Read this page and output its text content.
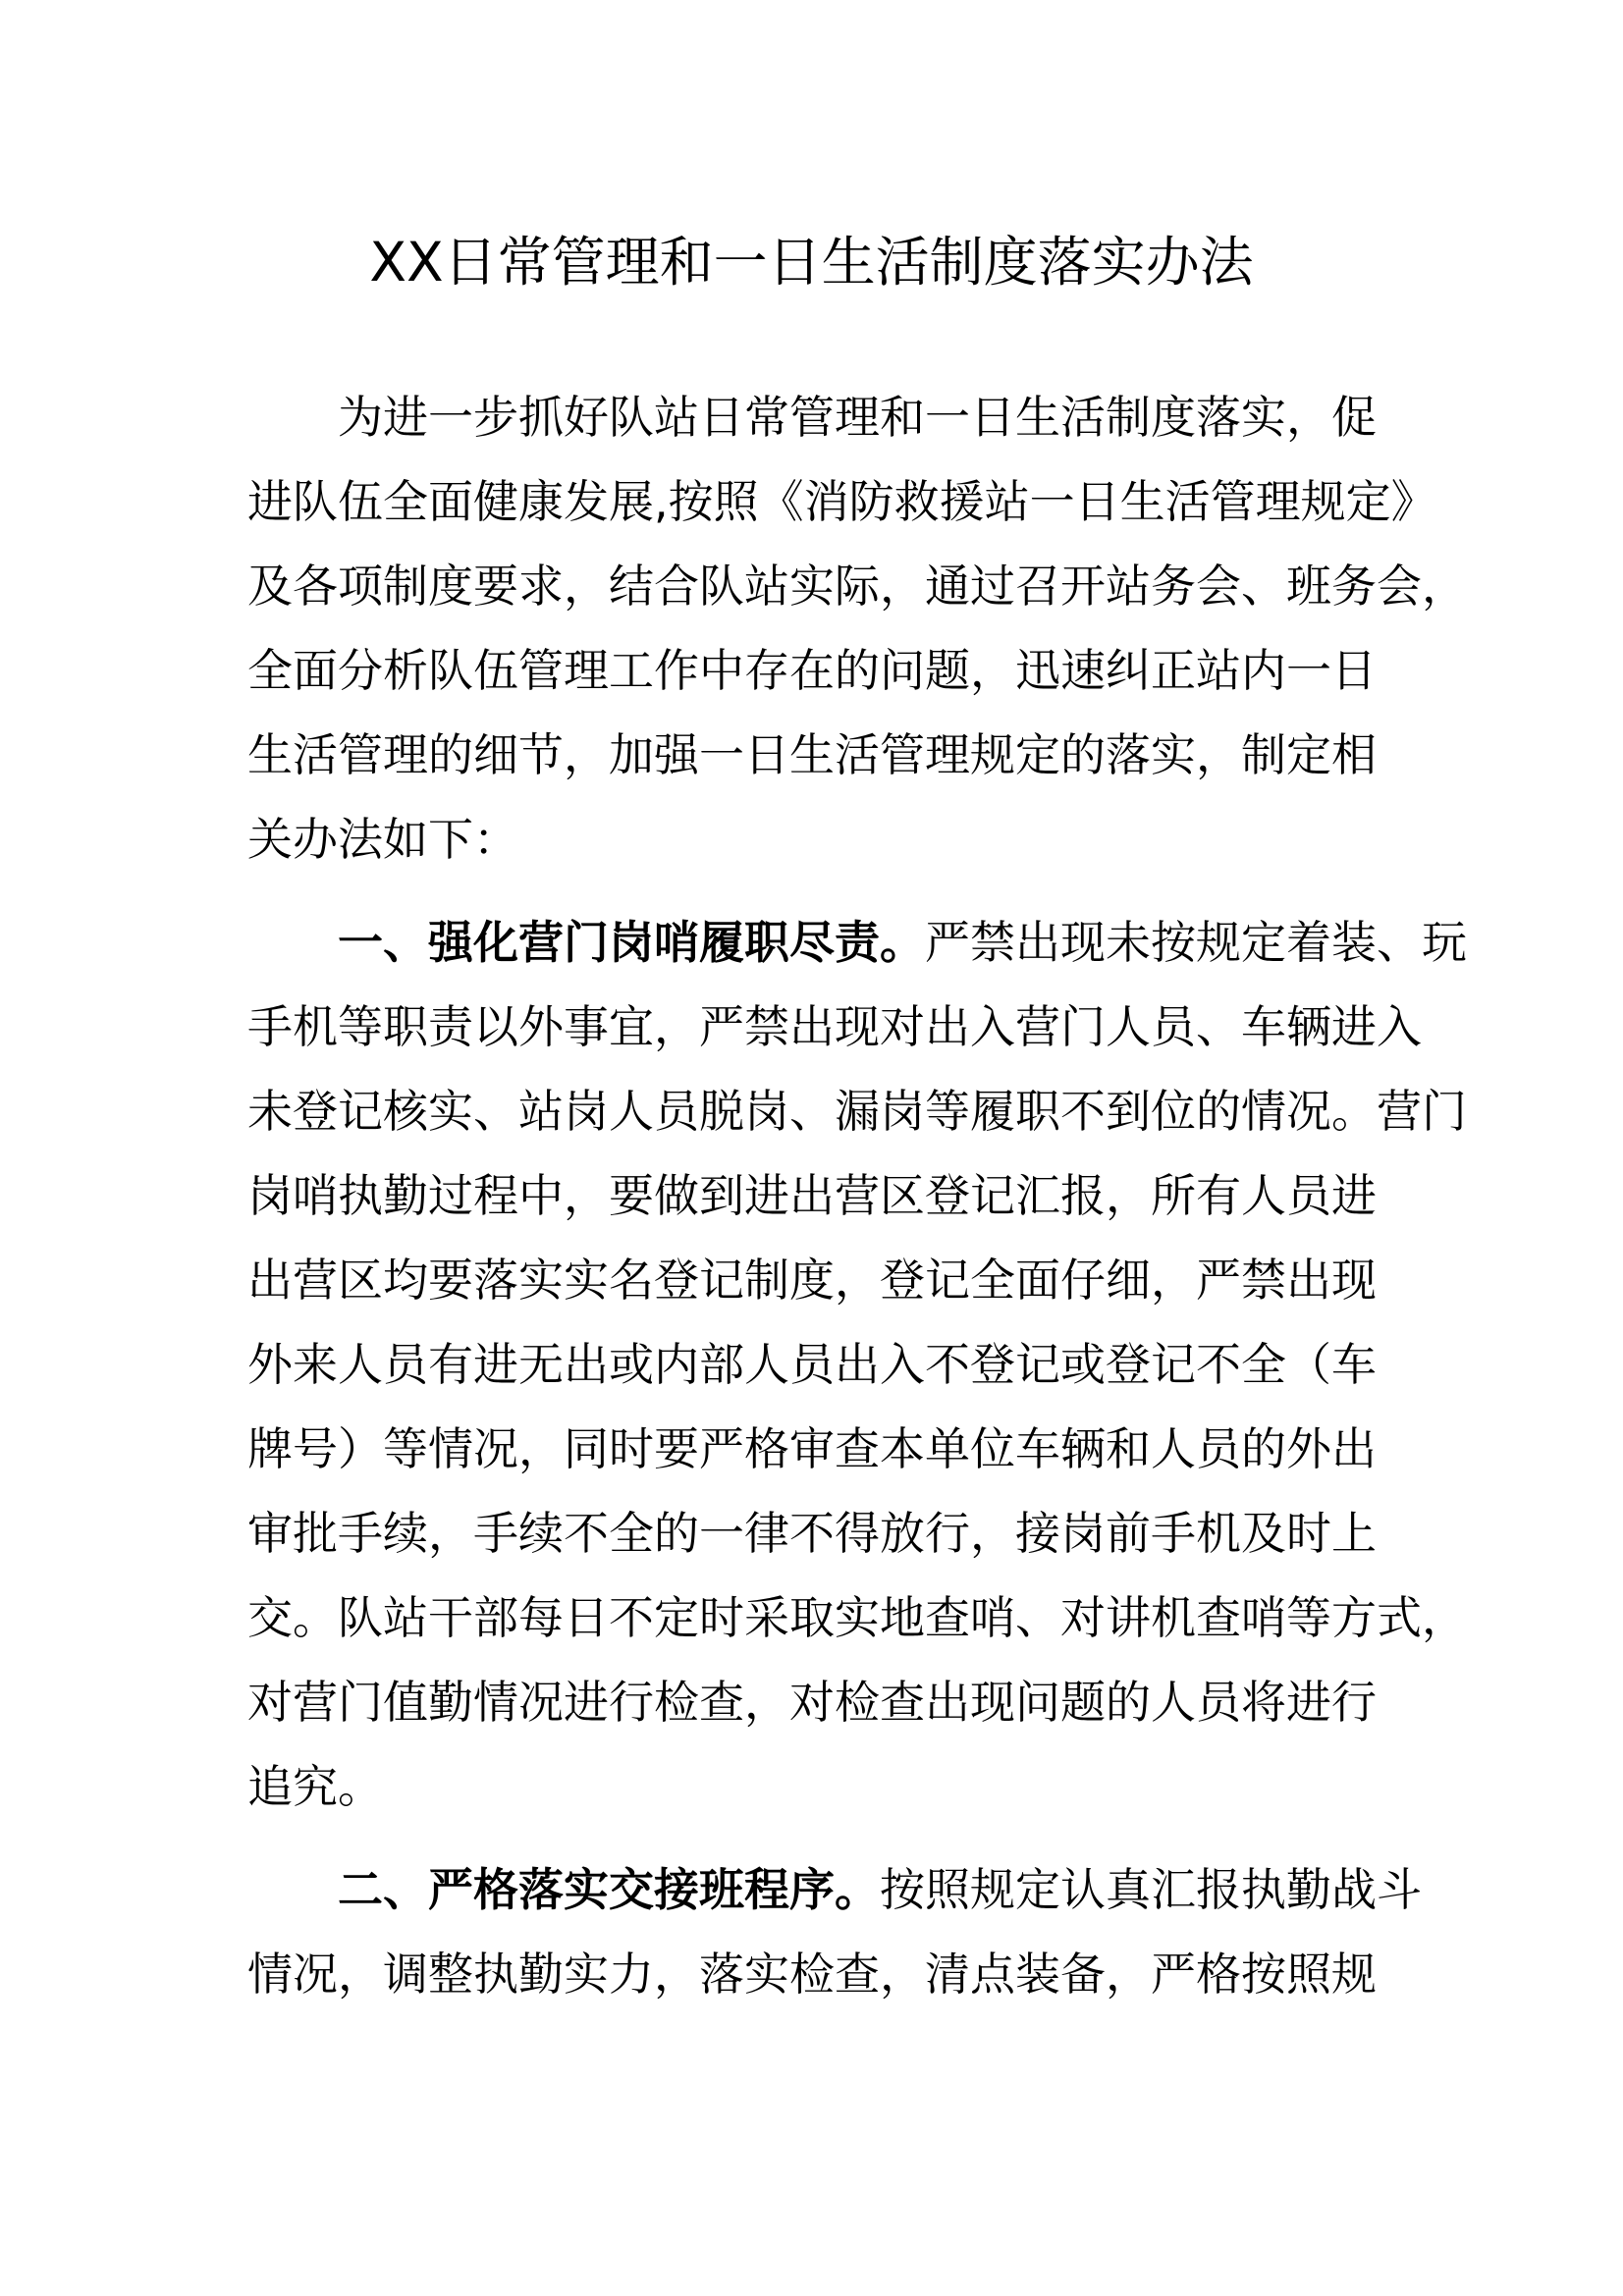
XX日常管理和一日生活制度落实办法
为进一步抓好队站日常管理和一日生活制度落实，促
进队伍全面健康发展,按照《消防救援站一日生活管理规定》
及各项制度要求，结合队站实际，通过召开站务会、班务会，
全面分析队伍管理工作中存在的问题，迅速纠正站内一日
生活管理的细节，加强一日生活管理规定的落实，制定相
关办法如下：
一、强化营门岗哨履职尽责。严禁出现未按规定着装、玩
手机等职责以外事宜，严禁出现对出入营门人员、车辆进入
未登记核实、站岗人员脱岗、漏岗等履职不到位的情况。营门
岗哨执勤过程中，要做到进出营区登记汇报，所有人员进
出营区均要落实实名登记制度，登记全面仔细，严禁出现
外来人员有进无出或内部人员出入不登记或登记不全（车
牌号）等情况，同时要严格审查本单位车辆和人员的外出
审批手续，手续不全的一律不得放行，接岗前手机及时上
交。队站干部每日不定时采取实地查哨、对讲机查哨等方式，
对营门值勤情况进行检查，对检查出现问题的人员将进行
追究。
二、严格落实交接班程序。按照规定认真汇报执勤战斗
情况，调整执勤实力，落实检查，清点装备，严格按照规
